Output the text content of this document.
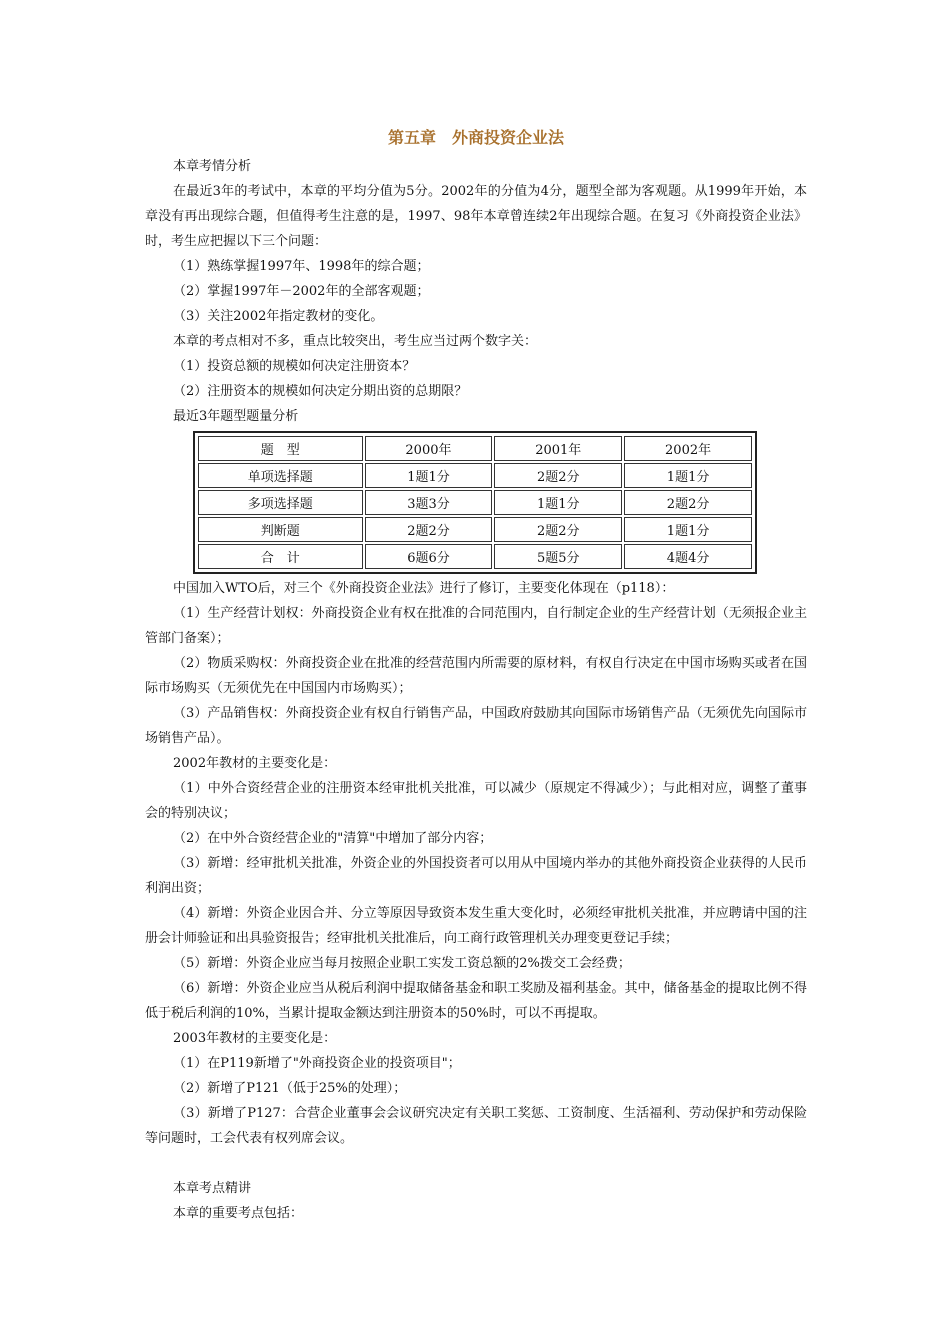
第五章　外商投资企业法

本章考情分析

在最近3年的考试中，本章的平均分值为5分。2002年的分值为4分，题型全部为客观题。从1999年开始，本章没有再出现综合题，但值得考生注意的是，1997、98年本章曾连续2年出现综合题。在复习《外商投资企业法》时，考生应把握以下三个问题：

（1）熟练掌握1997年、1998年的综合题；

（2）掌握1997年－2002年的全部客观题；

（3）关注2002年指定教材的变化。

本章的考点相对不多，重点比较突出，考生应当过两个数字关：

（1）投资总额的规模如何决定注册资本？

（2）注册资本的规模如何决定分期出资的总期限？

最近3年题型题量分析

题　型	2000年	2001年	2002年
单项选择题	1题1分	2题2分	1题1分
多项选择题	3题3分	1题1分	2题2分
判断题	2题2分	2题2分	1题1分
合　计	6题6分	5题5分	4题4分

中国加入WTO后，对三个《外商投资企业法》进行了修订，主要变化体现在（p118）：

（1）生产经营计划权：外商投资企业有权在批准的合同范围内，自行制定企业的生产经营计划（无须报企业主管部门备案）；

（2）物质采购权：外商投资企业在批准的经营范围内所需要的原材料，有权自行决定在中国市场购买或者在国际市场购买（无须优先在中国国内市场购买）；

（3）产品销售权：外商投资企业有权自行销售产品，中国政府鼓励其向国际市场销售产品（无须优先向国际市场销售产品）。

2002年教材的主要变化是：

（1）中外合资经营企业的注册资本经审批机关批准，可以减少（原规定不得减少）；与此相对应，调整了董事会的特别决议；

（2）在中外合资经营企业的"清算"中增加了部分内容；

（3）新增：经审批机关批准，外资企业的外国投资者可以用从中国境内举办的其他外商投资企业获得的人民币利润出资；

（4）新增：外资企业因合并、分立等原因导致资本发生重大变化时，必须经审批机关批准，并应聘请中国的注册会计师验证和出具验资报告；经审批机关批准后，向工商行政管理机关办理变更登记手续；

（5）新增：外资企业应当每月按照企业职工实发工资总额的2%拨交工会经费；

（6）新增：外资企业应当从税后利润中提取储备基金和职工奖励及福利基金。其中，储备基金的提取比例不得低于税后利润的10%，当累计提取金额达到注册资本的50%时，可以不再提取。

2003年教材的主要变化是：

（1）在P119新增了"外商投资企业的投资项目"；

（2）新增了P121（低于25%的处理）；

（3）新增了P127：合营企业董事会会议研究决定有关职工奖惩、工资制度、生活福利、劳动保护和劳动保险等问题时，工会代表有权列席会议。

本章考点精讲

本章的重要考点包括：
